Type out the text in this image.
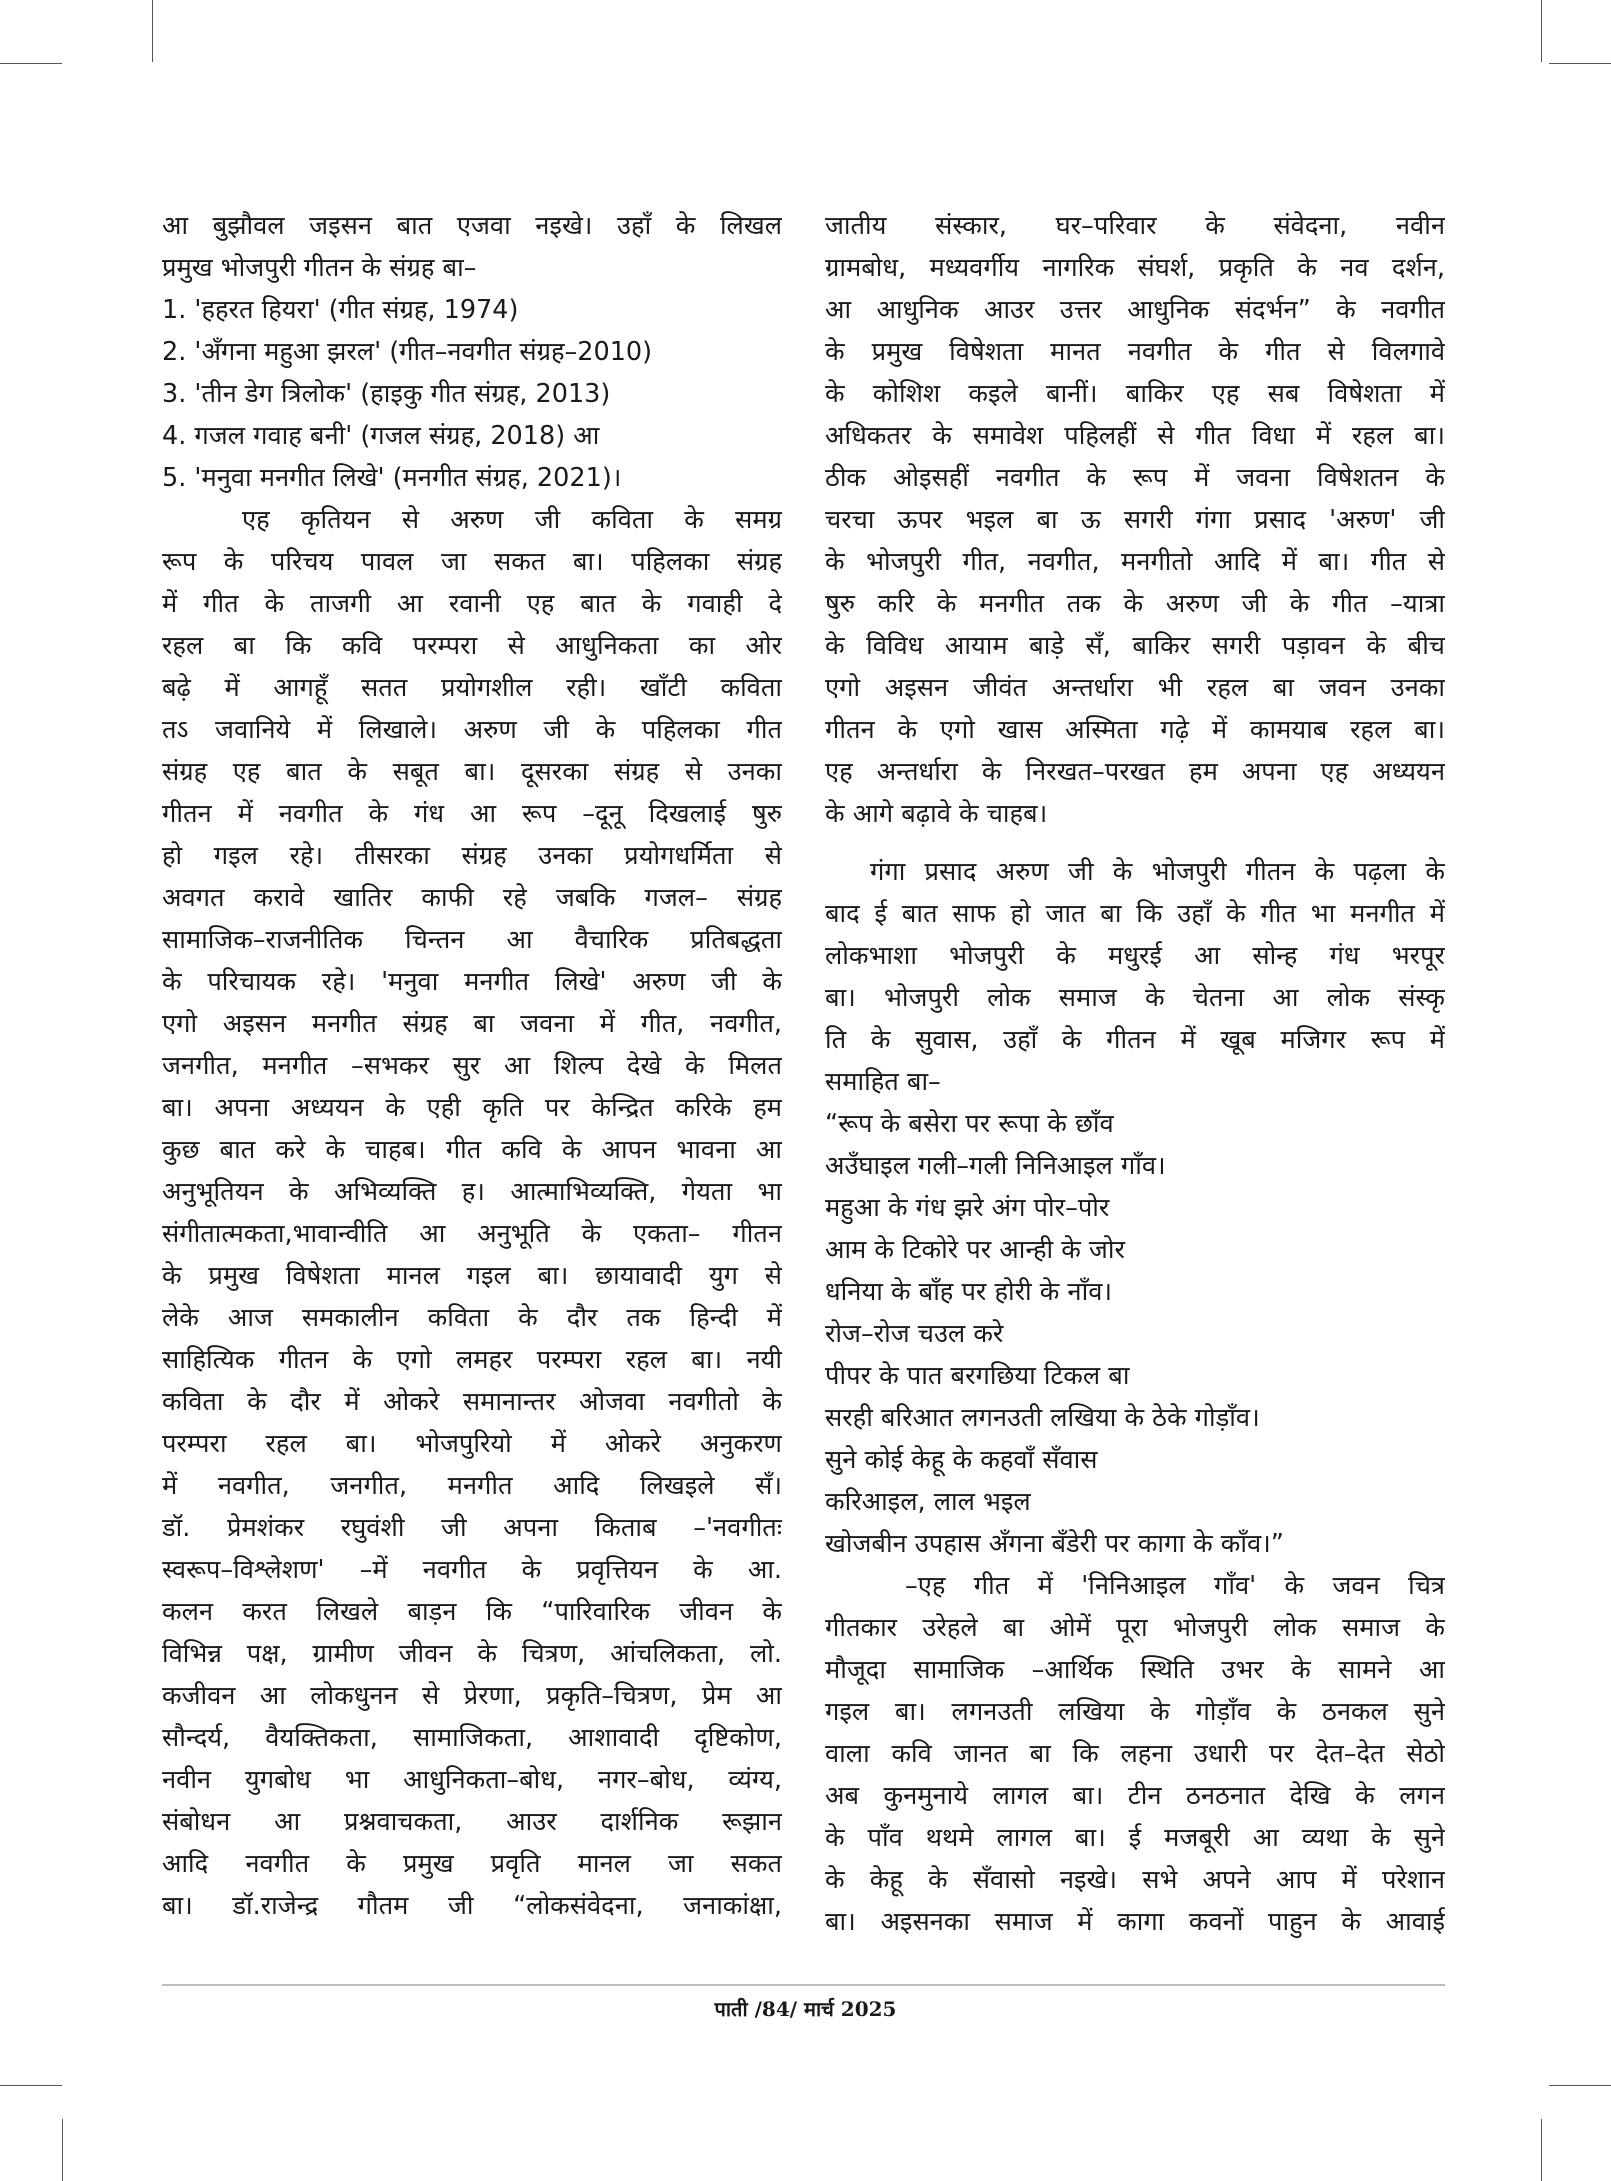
आ बुझौवल जइसन बात एजवा नइखे। उहाँ के लिखल
प्रमुख भोजपुरी गीतन के संग्रह बा–
1. 'हहरत हियरा' (गीत संग्रह, 1974)
2. 'अँगना महुआ झरल' (गीत–नवगीत संग्रह–2010)
3. 'तीन डेग त्रिलोक' (हाइकु गीत संग्रह, 2013)
4. गजल गवाह बनी' (गजल संग्रह, 2018) आ
5. 'मनुवा मनगीत लिखे' (मनगीत संग्रह, 2021)।
एह कृतियन से अरुण जी कविता के समग्र
रूप के परिचय पावल जा सकत बा। पहिलका संग्रह
में गीत के ताजगी आ रवानी एह बात के गवाही दे
रहल बा कि कवि परम्परा से आधुनिकता का ओर
बढ़े में आगहूँ सतत प्रयोगशील रही। खाँटी कविता
तऽ जवानिये में लिखाले। अरुण जी के पहिलका गीत
संग्रह एह बात के सबूत बा। दूसरका संग्रह से उनका
गीतन में नवगीत के गंध आ रूप –दूनू दिखलाई षुरु
हो गइल रहे। तीसरका संग्रह उनका प्रयोगधर्मिता से
अवगत करावे खातिर काफी रहे जबकि गजल– संग्रह
सामाजिक–राजनीतिक चिन्तन आ वैचारिक प्रतिबद्धता
के परिचायक रहे। 'मनुवा मनगीत लिखे' अरुण जी के
एगो अइसन मनगीत संग्रह बा जवना में गीत, नवगीत,
जनगीत, मनगीत –सभकर सुर आ शिल्प देखे के मिलत
बा। अपना अध्ययन के एही कृति पर केन्द्रित करिके हम
कुछ बात करे के चाहब। गीत कवि के आपन भावना आ
अनुभूतियन के अभिव्यक्ति ह। आत्माभिव्यक्ति, गेयता भा
संगीतात्मकता,भावान्वीति आ अनुभूति के एकता– गीतन
के प्रमुख विषेशता मानल गइल बा। छायावादी युग से
लेके आज समकालीन कविता के दौर तक हिन्दी में
साहित्यिक गीतन के एगो लमहर परम्परा रहल बा। नयी
कविता के दौर में ओकरे समानान्तर ओजवा नवगीतो के
परम्परा रहल बा। भोजपुरियो में ओकरे अनुकरण
में नवगीत, जनगीत, मनगीत आदि लिखइले सँ।
डॉ. प्रेमशंकर रघुवंशी जी अपना किताब –'नवगीतः
स्वरूप–विश्लेशण' –में नवगीत के प्रवृत्तियन के आ.
कलन करत लिखले बाड़न कि “पारिवारिक जीवन के
विभिन्न पक्ष, ग्रामीण जीवन के चित्रण, आंचलिकता, लो.
कजीवन आ लोकधुनन से प्रेरणा, प्रकृति–चित्रण, प्रेम आ
सौन्दर्य, वैयक्तिकता, सामाजिकता, आशावादी दृष्टिकोण,
नवीन युगबोध भा आधुनिकता–बोध, नगर–बोध, व्यंग्य,
संबोधन आ प्रश्नवाचकता, आउर दार्शनिक रूझान
आदि नवगीत के प्रमुख प्रवृति मानल जा सकत
बा। डॉ.राजेन्द्र गौतम जी “लोकसंवेदना, जनाकांक्षा,
जातीय संस्कार, घर–परिवार के संवेदना, नवीन
ग्रामबोध, मध्यवर्गीय नागरिक संघर्श, प्रकृति के नव दर्शन,
आ आधुनिक आउर उत्तर आधुनिक संदर्भन” के नवगीत
के प्रमुख विषेशता मानत नवगीत के गीत से विलगावे
के कोशिश कइले बानीं। बाकिर एह सब विषेशता में
अधिकतर के समावेश पहिलहीं से गीत विधा में रहल बा।
ठीक ओइसहीं नवगीत के रूप में जवना विषेशतन के
चरचा ऊपर भइल बा ऊ सगरी गंगा प्रसाद 'अरुण' जी
के भोजपुरी गीत, नवगीत, मनगीतो आदि में बा। गीत से
षुरु करि के मनगीत तक के अरुण जी के गीत –यात्रा
के विविध आयाम बाड़े सँ, बाकिर सगरी पड़ावन के बीच
एगो अइसन जीवंत अन्तर्धारा भी रहल बा जवन उनका
गीतन के एगो खास अस्मिता गढ़े में कामयाब रहल बा।
एह अन्तर्धारा के निरखत–परखत हम अपना एह अध्ययन
के आगे बढ़ावे के चाहब।
गंगा प्रसाद अरुण जी के भोजपुरी गीतन के पढ़ला के
बाद ई बात साफ हो जात बा कि उहाँ के गीत भा मनगीत में
लोकभाशा भोजपुरी के मधुरई आ सोन्ह गंध भरपूर
बा। भोजपुरी लोक समाज के चेतना आ लोक संस्कृ
ति के सुवास, उहाँ के गीतन में खूब मजिगर रूप में
समाहित बा–
“रूप के बसेरा पर रूपा के छाँव
अउँघाइल गली–गली निनिआइल गाँव।
महुआ के गंध झरे अंग पोर–पोर
आम के टिकोरे पर आन्ही के जोर
धनिया के बाँह पर होरी के नाँव।
रोज–रोज चउल करे
पीपर के पात बरगछिया टिकल बा
सरही बरिआत लगनउती लखिया के ठेके गोड़ाँव।
सुने कोई केहू के कहवाँ सँवास
करिआइल, लाल भइल
खोजबीन उपहास अँगना बँडेरी पर कागा के काँव।”
–एह गीत में 'निनिआइल गाँव' के जवन चित्र
गीतकार उरेहले बा ओमें पूरा भोजपुरी लोक समाज के
मौजूदा सामाजिक –आर्थिक स्थिति उभर के सामने आ
गइल बा। लगनउती लखिया के गोड़ाँव के ठनकल सुने
वाला कवि जानत बा कि लहना उधारी पर देत–देत सेठो
अब कुनमुनाये लागल बा। टीन ठनठनात देखि के लगन
के पाँव थथमे लागल बा। ई मजबूरी आ व्यथा के सुने
के केहू के सँवासो नइखे। सभे अपने आप में परेशान
बा। अइसनका समाज में कागा कवनों पाहुन के आवाई
पाती /84/ मार्च 2025
